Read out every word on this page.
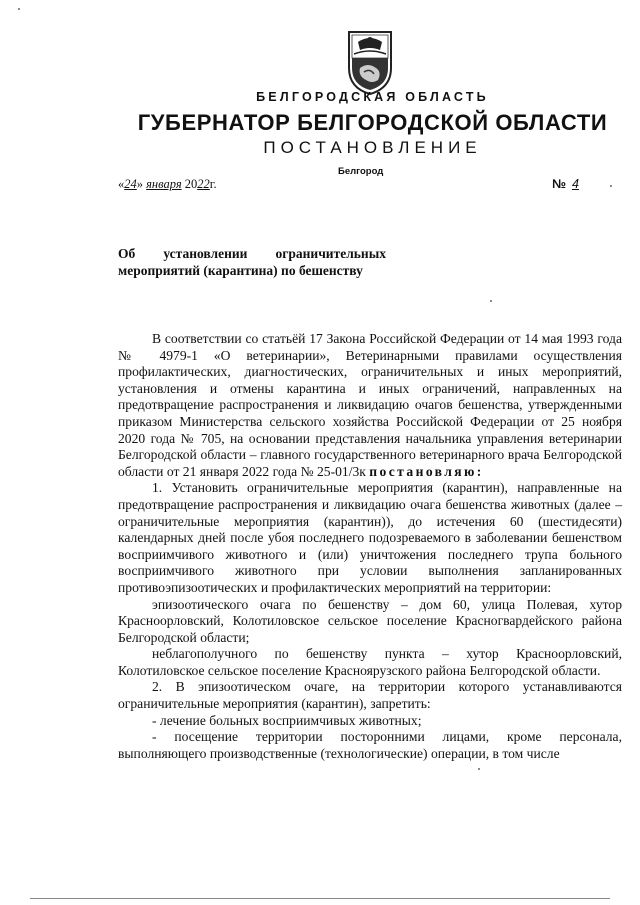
БЕЛГОРОДСКАЯ ОБЛАСТЬ
ГУБЕРНАТОР БЕЛГОРОДСКОЙ ОБЛАСТИ
ПОСТАНОВЛЕНИЕ
Белгород
«24» января 2022г.	№ 4
Об установлении ограничительных
мероприятий (карантина) по бешенству

В соответствии со статьёй 17 Закона Российской Федерации от 14 мая 1993 года № 4979-1 «О ветеринарии», Ветеринарными правилами осуществления профилактических, диагностических, ограничительных и иных мероприятий, установления и отмены карантина и иных ограничений, направленных на предотвращение распространения и ликвидацию очагов бешенства, утвержденными приказом Министерства сельского хозяйства Российской Федерации от 25 ноября 2020 года № 705, на основании представления начальника управления ветеринарии Белгородской области – главного государственного ветеринарного врача Белгородской области от 21 января 2022 года № 25-01/3к постановляю:

1. Установить ограничительные мероприятия (карантин), направленные на предотвращение распространения и ликвидацию очага бешенства животных (далее – ограничительные мероприятия (карантин)), до истечения 60 (шестидесяти) календарных дней после убоя последнего подозреваемого в заболевании бешенством восприимчивого животного и (или) уничтожения последнего трупа больного восприимчивого животного при условии выполнения запланированных противоэпизоотических и профилактических мероприятий на территории:

эпизоотического очага по бешенству – дом 60, улица Полевая, хутор Красноорловский, Колотиловское сельское поселение Красногвардейского района Белгородской области;

неблагополучного по бешенству пункта – хутор Красноорловский, Колотиловское сельское поселение Красноярузского района Белгородской области.

2. В эпизоотическом очаге, на территории которого устанавливаются ограничительные мероприятия (карантин), запретить:

- лечение больных восприимчивых животных;

- посещение территории посторонними лицами, кроме персонала, выполняющего производственные (технологические) операции, в том числе
